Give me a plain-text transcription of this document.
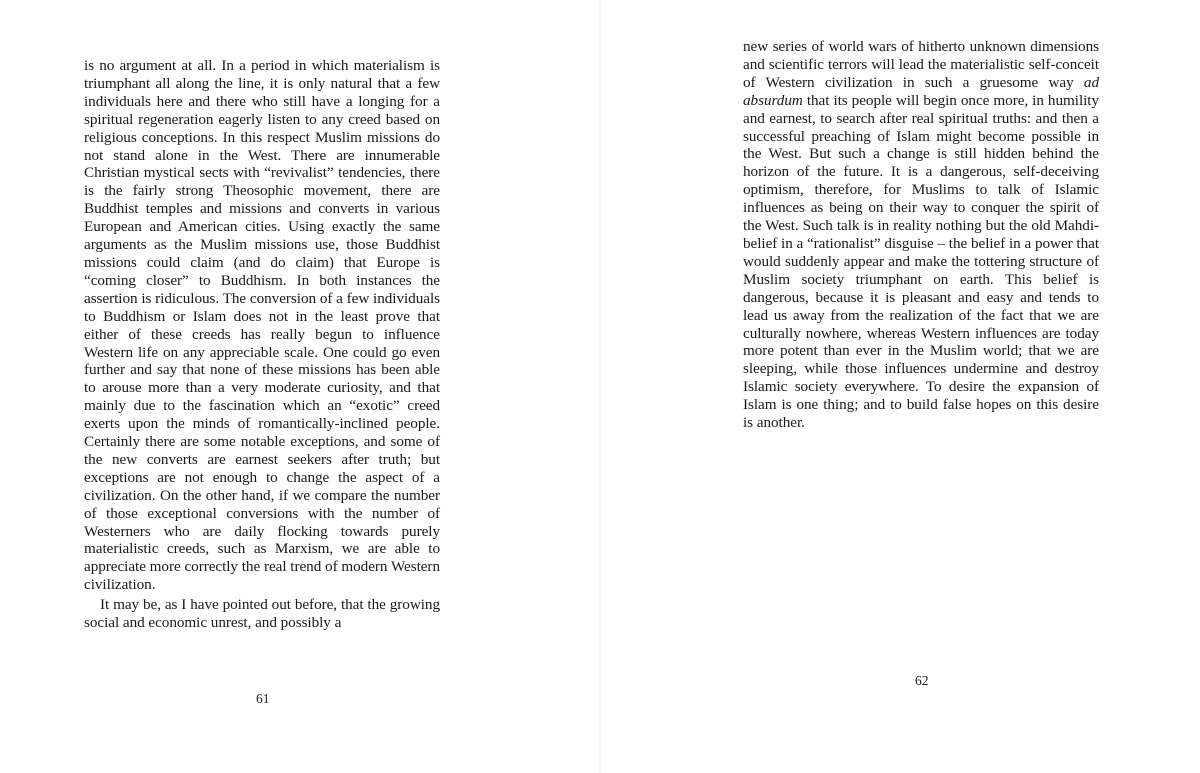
is no argument at all. In a period in which materialism is triumphant all along the line, it is only natural that a few individuals here and there who still have a longing for a spiritual regeneration eagerly listen to any creed based on religious conceptions. In this respect Muslim missions do not stand alone in the West. There are innumerable Christian mystical sects with “revivalist” tendencies, there is the fairly strong Theosophic movement, there are Buddhist temples and missions and converts in various European and American cities. Using exactly the same arguments as the Muslim missions use, those Buddhist missions could claim (and do claim) that Europe is “coming closer” to Buddhism. In both instances the assertion is ridiculous. The conversion of a few individuals to Buddhism or Islam does not in the least prove that either of these creeds has really begun to influence Western life on any appreciable scale. One could go even further and say that none of these missions has been able to arouse more than a very moderate curiosity, and that mainly due to the fascination which an “exotic” creed exerts upon the minds of romantically-inclined people. Certainly there are some notable exceptions, and some of the new converts are earnest seekers after truth; but exceptions are not enough to change the aspect of a civilization. On the other hand, if we compare the number of those exceptional conversions with the number of Westerners who are daily flocking towards purely materialistic creeds, such as Marxism, we are able to appreciate more correctly the real trend of modern Western civilization.

It may be, as I have pointed out before, that the growing social and economic unrest, and possibly a

61

new series of world wars of hitherto unknown dimensions and scientific terrors will lead the materialistic self-conceit of Western civilization in such a gruesome way ad absurdum that its people will begin once more, in humility and earnest, to search after real spiritual truths: and then a successful preaching of Islam might become possible in the West. But such a change is still hidden behind the horizon of the future. It is a dangerous, self-deceiving optimism, therefore, for Muslims to talk of Islamic influences as being on their way to conquer the spirit of the West. Such talk is in reality nothing but the old Mahdi-belief in a “rationalist” disguise – the belief in a power that would suddenly appear and make the tottering structure of Muslim society triumphant on earth. This belief is dangerous, because it is pleasant and easy and tends to lead us away from the realization of the fact that we are culturally nowhere, whereas Western influences are today more potent than ever in the Muslim world; that we are sleeping, while those influences undermine and destroy Islamic society everywhere. To desire the expansion of Islam is one thing; and to build false hopes on this desire is another.

62
